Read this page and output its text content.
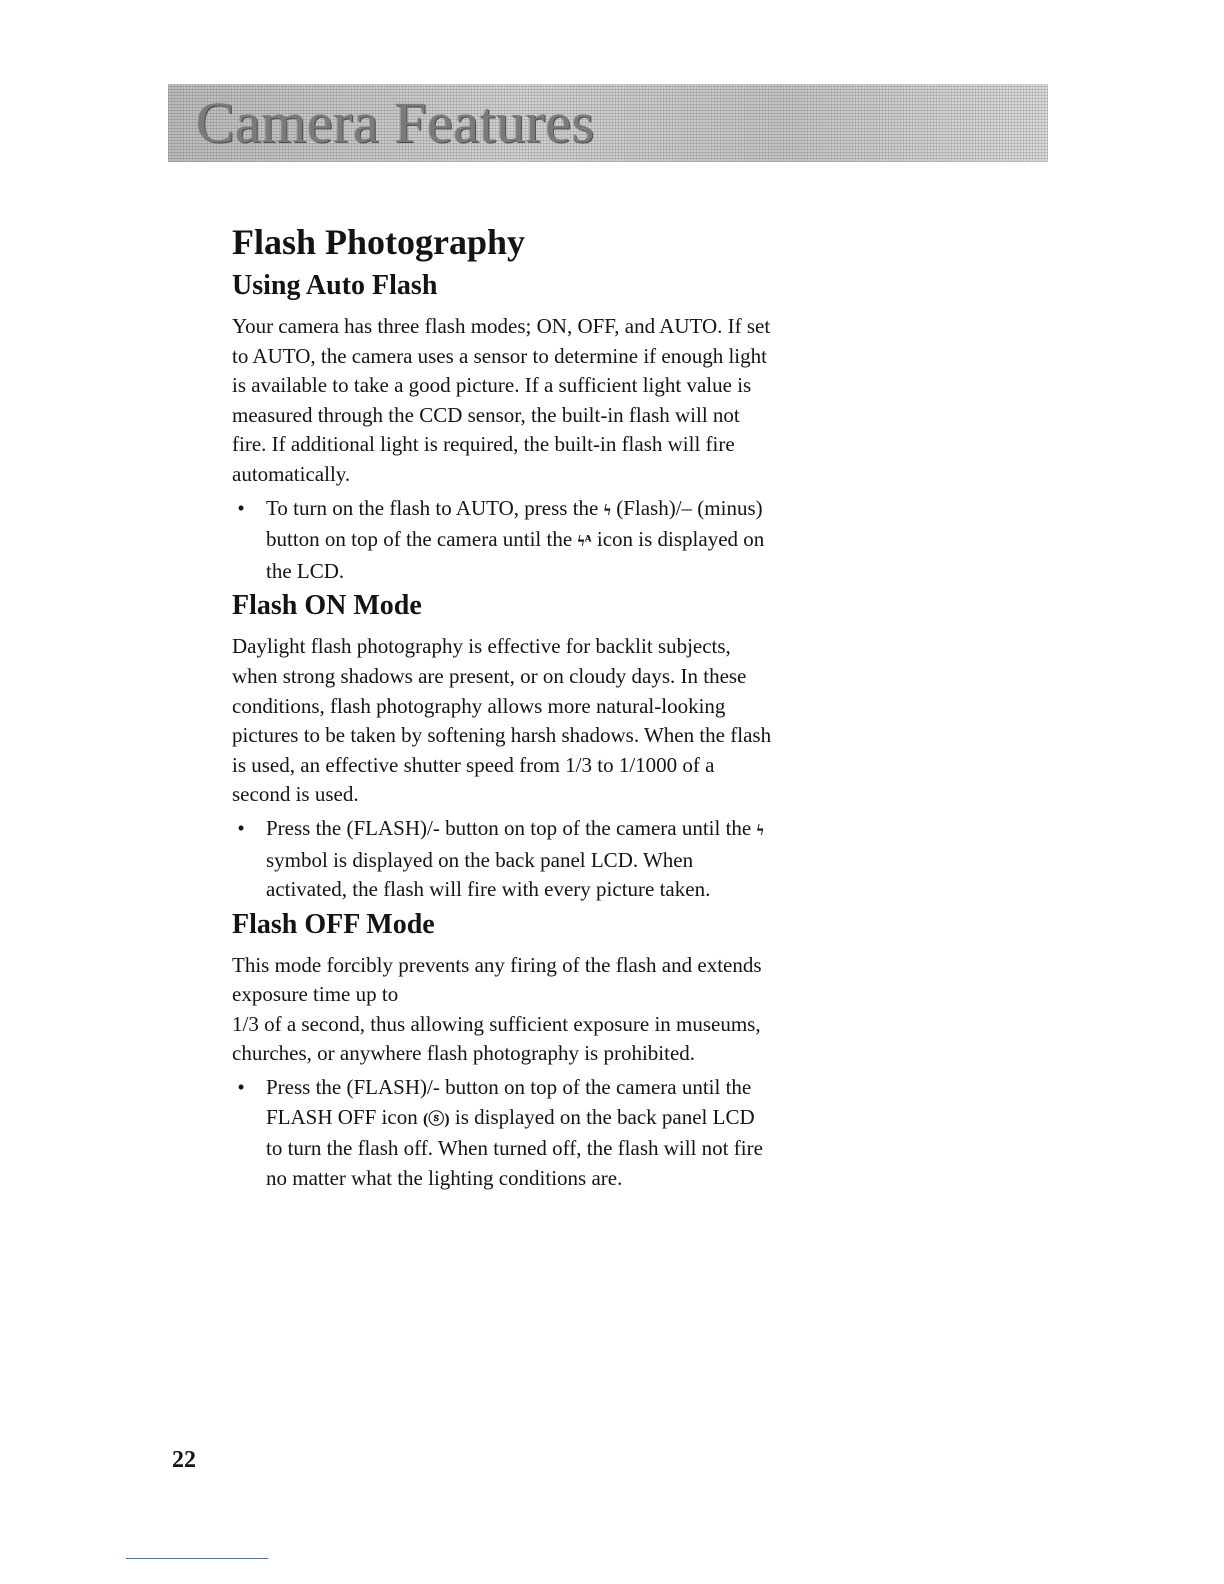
Camera Features
Flash Photography
Using Auto Flash

Your camera has three flash modes; ON, OFF, and AUTO. If set to AUTO, the camera uses a sensor to determine if enough light is available to take a good picture. If a sufficient light value is measured through the CCD sensor, the built-in flash will not fire. If additional light is required, the built-in flash will fire automatically.

• To turn on the flash to AUTO, press the ϟ (Flash)/– (minus) button on top of the camera until the ϟᴬ icon is displayed on the LCD.
Flash ON Mode

Daylight flash photography is effective for backlit subjects, when strong shadows are present, or on cloudy days. In these conditions, flash photography allows more natural-looking pictures to be taken by softening harsh shadows. When the flash is used, an effective shutter speed from 1/3 to 1/1000 of a second is used.

• Press the (FLASH)/- button on top of the camera until the ϟ symbol is displayed on the back panel LCD. When activated, the flash will fire with every picture taken.
Flash OFF Mode

This mode forcibly prevents any firing of the flash and extends exposure time up to

1/3 of a second, thus allowing sufficient exposure in museums, churches, or anywhere flash photography is prohibited.

• Press the (FLASH)/- button on top of the camera until the FLASH OFF icon (ⓢ) is displayed on the back panel LCD to turn the flash off. When turned off, the flash will not fire no matter what the lighting conditions are.
22
